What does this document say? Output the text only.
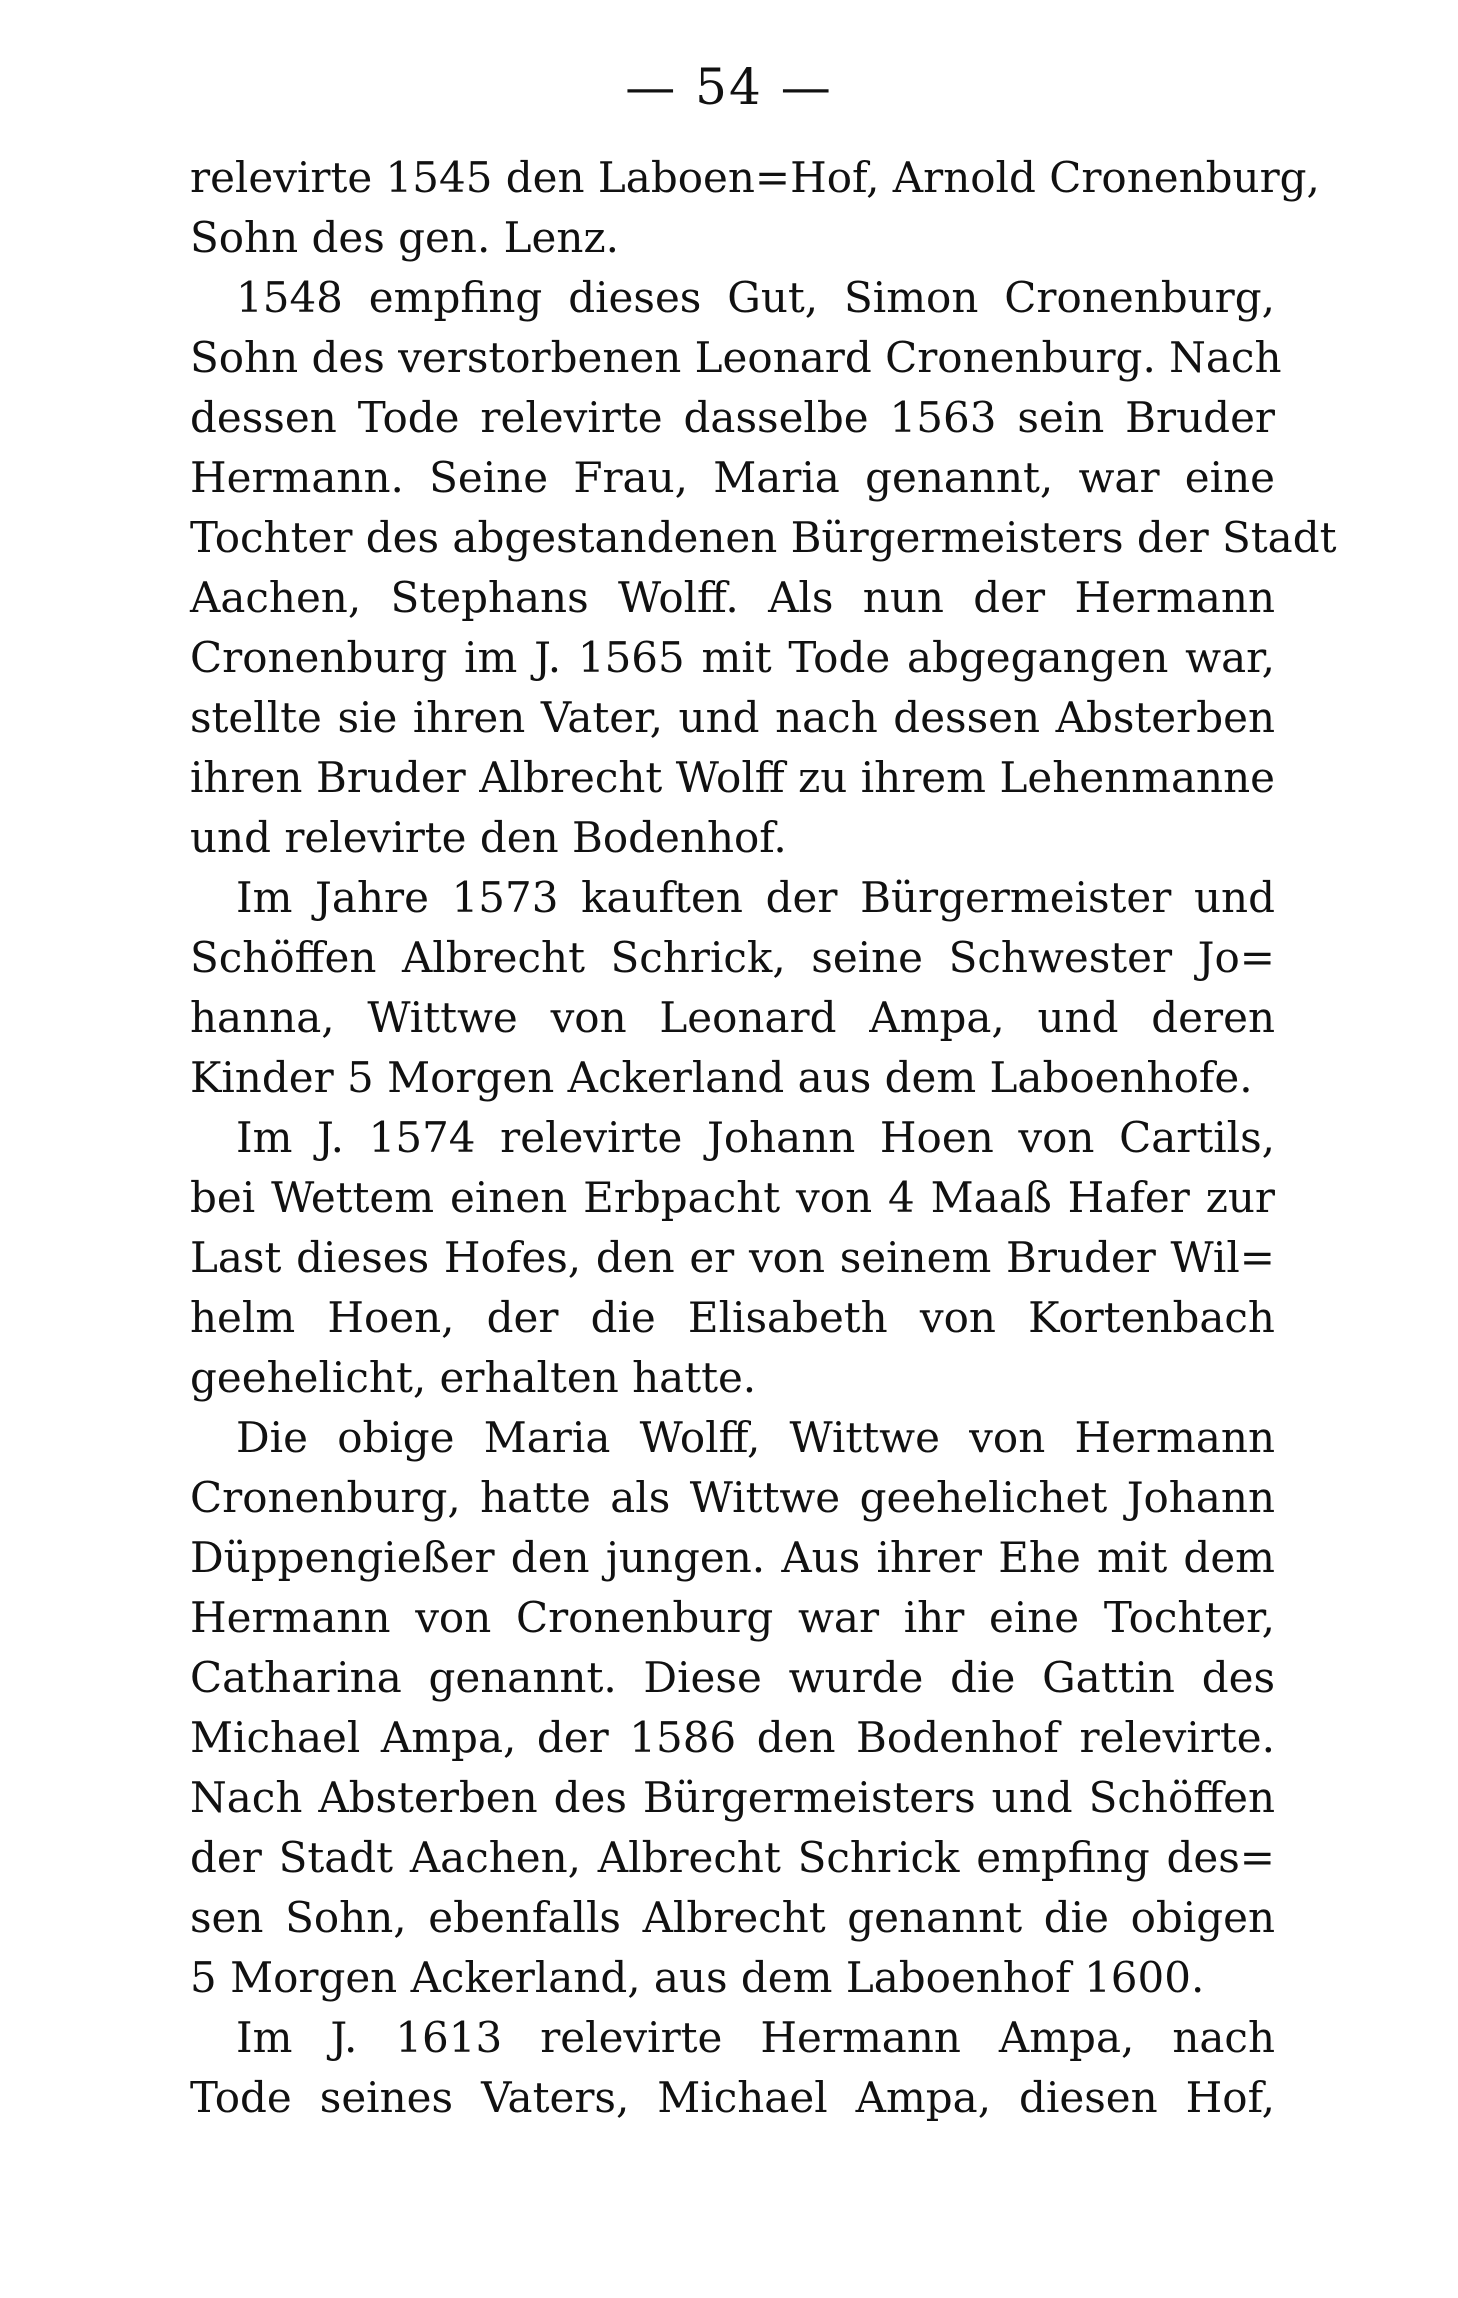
— 54 —
relevirte 1545 den Laboen=Hof, Arnold Cronenburg,
Sohn des gen. Lenz.
1548 empfing dieses Gut, Simon Cronenburg,
Sohn des verstorbenen Leonard Cronenburg. Nach
dessen Tode relevirte dasselbe 1563 sein Bruder
Hermann. Seine Frau, Maria genannt, war eine
Tochter des abgestandenen Bürgermeisters der Stadt
Aachen, Stephans Wolff. Als nun der Hermann
Cronenburg im J. 1565 mit Tode abgegangen war,
stellte sie ihren Vater, und nach dessen Absterben
ihren Bruder Albrecht Wolff zu ihrem Lehenmanne
und relevirte den Bodenhof.
Im Jahre 1573 kauften der Bürgermeister und
Schöffen Albrecht Schrick, seine Schwester Jo=
hanna, Wittwe von Leonard Ampa, und deren
Kinder 5 Morgen Ackerland aus dem Laboenhofe.
Im J. 1574 relevirte Johann Hoen von Cartils,
bei Wettem einen Erbpacht von 4 Maaß Hafer zur
Last dieses Hofes, den er von seinem Bruder Wil=
helm Hoen, der die Elisabeth von Kortenbach
geehelicht, erhalten hatte.
Die obige Maria Wolff, Wittwe von Hermann
Cronenburg, hatte als Wittwe geehelichet Johann
Düppengießer den jungen. Aus ihrer Ehe mit dem
Hermann von Cronenburg war ihr eine Tochter,
Catharina genannt. Diese wurde die Gattin des
Michael Ampa, der 1586 den Bodenhof relevirte.
Nach Absterben des Bürgermeisters und Schöffen
der Stadt Aachen, Albrecht Schrick empfing des=
sen Sohn, ebenfalls Albrecht genannt die obigen
5 Morgen Ackerland, aus dem Laboenhof 1600.
Im J. 1613 relevirte Hermann Ampa, nach
Tode seines Vaters, Michael Ampa, diesen Hof,
